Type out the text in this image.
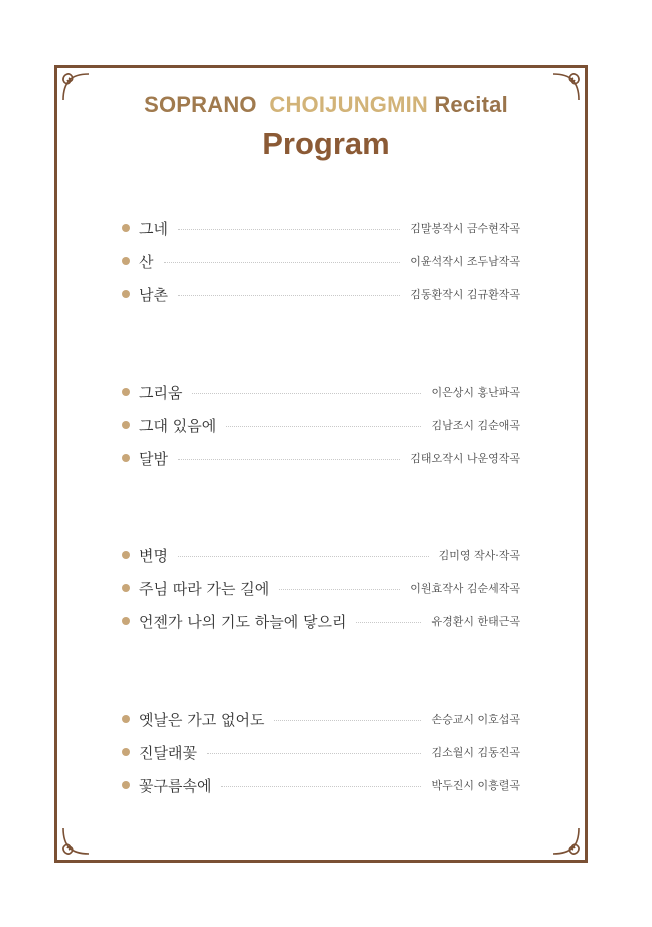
SOPRANO CHOIJUNGMIN Recital
Program
그네	김말봉작시 금수현작곡
산	이윤석작시 조두남작곡
남촌	김동환작시 김규환작곡
그리움	이은상시 홍난파곡
그대 있음에	김남조시 김순애곡
달밤	김태오작시 나운영작곡
변명	김미영 작사·작곡
주님 따라 가는 길에	이원효작사 김순세작곡
언젠가 나의 기도 하늘에 닿으리	유경환시 한태근곡
옛날은 가고 없어도	손승교시 이호섭곡
진달래꽃	김소월시 김동진곡
꽃구름속에	박두진시 이흥렬곡
